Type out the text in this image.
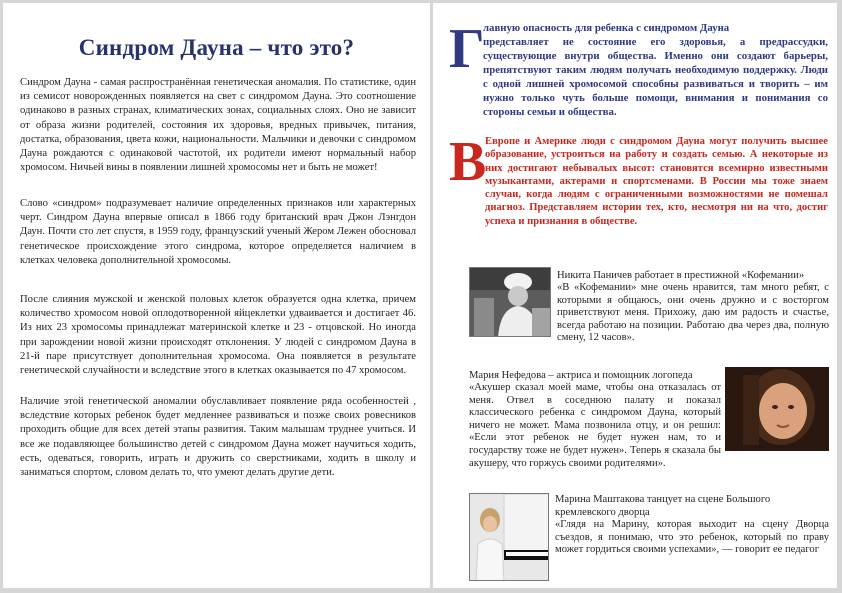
Синдром Дауна – что это?

Синдром Дауна - самая распространённая генетическая аномалия. По статистике, один из семисот новорожденных появляется на свет с синдромом Дауна. Это соотношение одинаково в разных странах, климатических зонах, социальных слоях. Оно не зависит от образа жизни родителей, состояния их здоровья, вредных привычек, питания, достатка, образования, цвета кожи, национальности. Мальчики и девочки с синдромом Дауна рождаются с одинаковой частотой, их родители имеют нормальный набор хромосом. Ничьей вины в появлении лишней хромосомы нет и быть не может!

Слово «синдром» подразумевает наличие определенных признаков или характерных черт. Синдром Дауна впервые описал в 1866 году британский врач Джон Лэнгдон Даун. Почти сто лет спустя, в 1959 году, французский ученый Жером Лежен обосновал генетическое происхождение этого синдрома, которое определяется наличием в клетках человека дополнительной хромосомы.

После слияния мужской и женской половых клеток образуется одна клетка, причем количество хромосом новой оплодотворенной яйцеклетки удваивается и достигает 46. Из них 23 хромосомы принадлежат материнской клетке и 23 - отцовской. Но иногда при зарождении новой жизни происходят отклонения. У людей с синдромом Дауна в 21-й паре присутствует дополнительная хромосома. Она появляется в результате генетической случайности и вследствие этого в клетках оказывается по 47 хромосом.

Наличие этой генетической аномалии обуславливает появление ряда особенностей , вследствие которых ребенок будет медленнее развиваться и позже своих ровесников проходить общие для всех детей этапы развития. Таким малышам труднее учиться. И все же подавляющее большинство детей с синдромом Дауна может научиться ходить, есть, одеваться, говорить, играть и дружить со сверстниками, ходить в школу и заниматься спортом, словом делать то, что умеют делать другие дети.

Г
лавную опасность для ребенка с синдромом Дауна
представляет не состояние его здоровья, а предрассудки, существующие внутри общества. Именно они создают барьеры, препятствуют таким людям получать необходимую поддержку. Люди с одной лишней хромосомой способны развиваться и творить – им нужно только чуть больше помощи, внимания и понимания со стороны семьи и общества.
В
Европе и Америке люди с синдромом Дауна могут получить высшее образование, устроиться на работу и создать семью. А некоторые из них достигают небывалых высот: становятся всемирно известными музыкантами, актерами и спортсменами. В России мы тоже знаем случаи, когда людям с ограниченными возможностями не помешал диагноз. Представляем истории тех, кто, несмотря ни на что, достиг успеха и признания в обществе.
Никита Паничев работает в престижной «Кофемании»
«В «Кофемании» мне очень нравится, там много ребят, с которыми я общаюсь, они очень дружно и с восторгом приветствуют меня. Прихожу, даю им радость и счастье, всегда работаю на позиции. Работаю два через два, полную смену, 12 часов».
Мария Нефедова – актриса и помощник логопеда
«Акушер сказал моей маме, чтобы она отказалась от меня. Отвел в соседнюю палату и показал классического ребенка с синдромом Дауна, который ничего не может. Мама позвонила отцу, и он решил: «Если этот ребенок не будет нужен нам, то и государству тоже не будет нужен». Теперь я сказала бы акушеру, что горжусь своими родителями».
Марина Маштакова танцует на сцене Большого кремлевского дворца
«Глядя на Марину, которая выходит на сцену Дворца съездов, я понимаю, что это ребенок, который по праву может гордиться своими успехами», — говорит ее педагог
